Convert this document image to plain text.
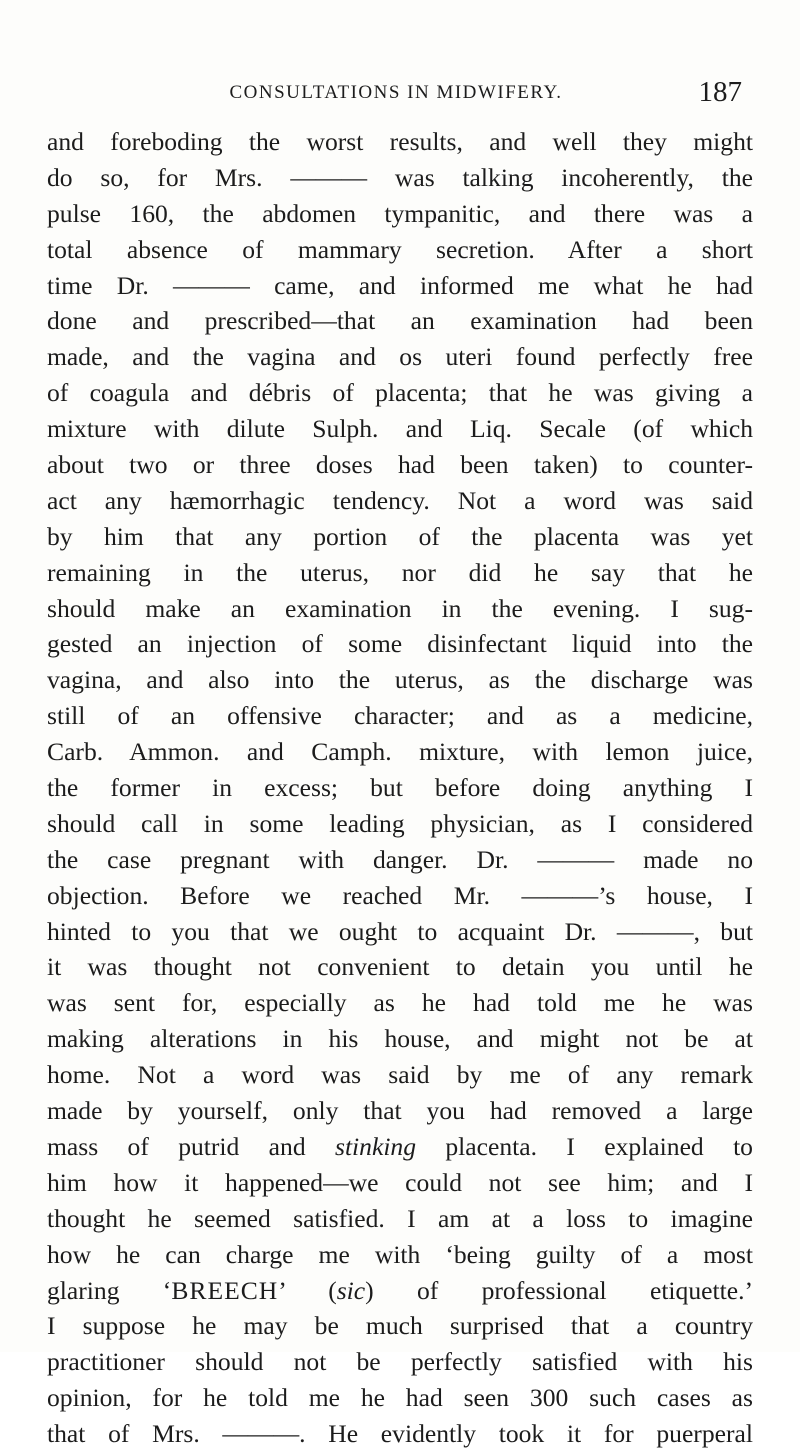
CONSULTATIONS IN MIDWIFERY.	187
and foreboding the worst results, and well they might
do so, for Mrs. ——— was talking incoherently, the
pulse 160, the abdomen tympanitic, and there was a
total absence of mammary secretion. After a short
time Dr. ——— came, and informed me what he had
done and prescribed—that an examination had been
made, and the vagina and os uteri found perfectly free
of coagula and débris of placenta; that he was giving a
mixture with dilute Sulph. and Liq. Secale (of which
about two or three doses had been taken) to counter-
act any hæmorrhagic tendency. Not a word was said
by him that any portion of the placenta was yet
remaining in the uterus, nor did he say that he
should make an examination in the evening. I sug-
gested an injection of some disinfectant liquid into the
vagina, and also into the uterus, as the discharge was
still of an offensive character; and as a medicine,
Carb. Ammon. and Camph. mixture, with lemon juice,
the former in excess; but before doing anything I
should call in some leading physician, as I considered
the case pregnant with danger. Dr. ——— made no
objection. Before we reached Mr. ———’s house, I
hinted to you that we ought to acquaint Dr. ———, but
it was thought not convenient to detain you until he
was sent for, especially as he had told me he was
making alterations in his house, and might not be at
home. Not a word was said by me of any remark
made by yourself, only that you had removed a large
mass of putrid and stinking placenta. I explained to
him how it happened—we could not see him; and I
thought he seemed satisfied. I am at a loss to imagine
how he can charge me with ‘being guilty of a most
glaring ‘BREECH’ (sic) of professional etiquette.’
I suppose he may be much surprised that a country
practitioner should not be perfectly satisfied with his
opinion, for he told me he had seen 300 such cases as
that of Mrs. ———. He evidently took it for puerperal
